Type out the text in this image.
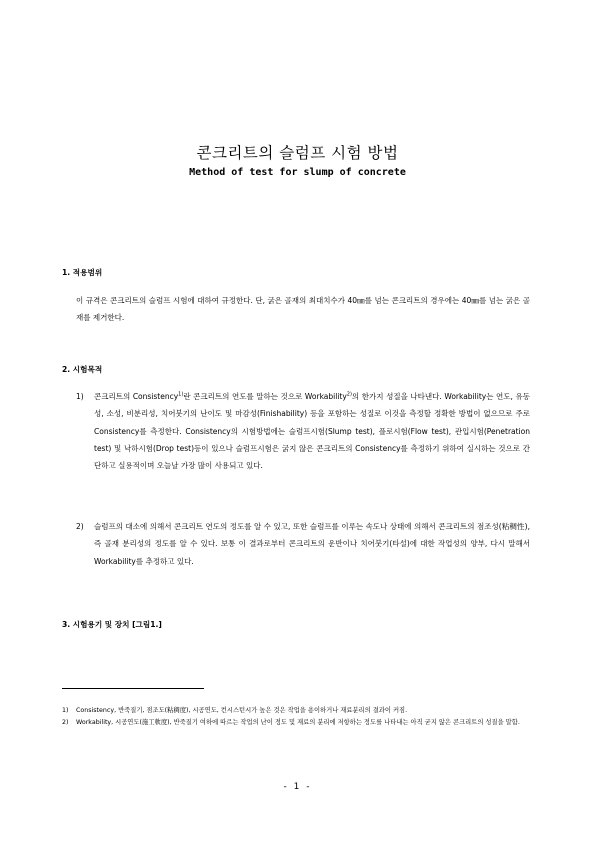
콘크리트의 슬럼프 시험 방법
Method of test for slump of concrete
1. 적용범위
이 규격은 콘크리트의 슬럼프 시험에 대하여 규정한다. 단, 굵은 골재의 최대치수가 40㎜를 넘는 콘크리트의 경우에는 40㎜를 넘는 굵은 골재를 제거한다.
2. 시험목적
1)	콘크리트의 Consistency$^{1)}$란 콘크리트의 연도를 말하는 것으로 Workability$^{2)}$의 한가지 성질을 나타낸다. Workability는 연도, 유동성, 소성, 비분리성, 치어붓기의 난이도 및 마감성(Finishability) 등을 포함하는 성질로 이것을 측정할 정확한 방법이 없으므로 주로 Consistency를 측정한다. Consistency의 시험방법에는 슬럼프시험(Slump test), 플로시험(Flow test), 관입시험(Penetration test) 및 낙하시험(Drop test)등이 있으나 슬럼프시험은 굵지 않은 콘크리트의 Consistency를 측정하기 위하여 실시하는 것으로 간단하고 실용적이며 오늘날 가장 많이 사용되고 있다.
2)	슬럼프의 대소에 의해서 콘크리트 연도의 정도를 알 수 있고, 또한 슬럼프를 이루는 속도나 상태에 의해서 콘크리트의 점조성(粘稠性), 즉 골재 분리성의 정도를 알 수 있다. 보통 이 결과로부터 콘크리트의 운반이나 치어붓기(타설)에 대한 작업성의 양부, 다시 말해서 Workability를 추정하고 있다.
3. 시험용기 및 장치 [그림1.]
1)	Consistency, 반죽질기, 점조도(粘稠度), 시공연도, 컨시스턴시가 높은 것은 작업을 용이하거나 재료분리의 결과이 커짐.
2)	Workability, 시공연도(施工軟度), 반죽질기 여하에 따르는 작업의 난이 정도 및 재료의 분리에 저항하는 정도를 나타내는 아직 굳지 않은 콘크리트의 성질을 말함.
- 1 -
